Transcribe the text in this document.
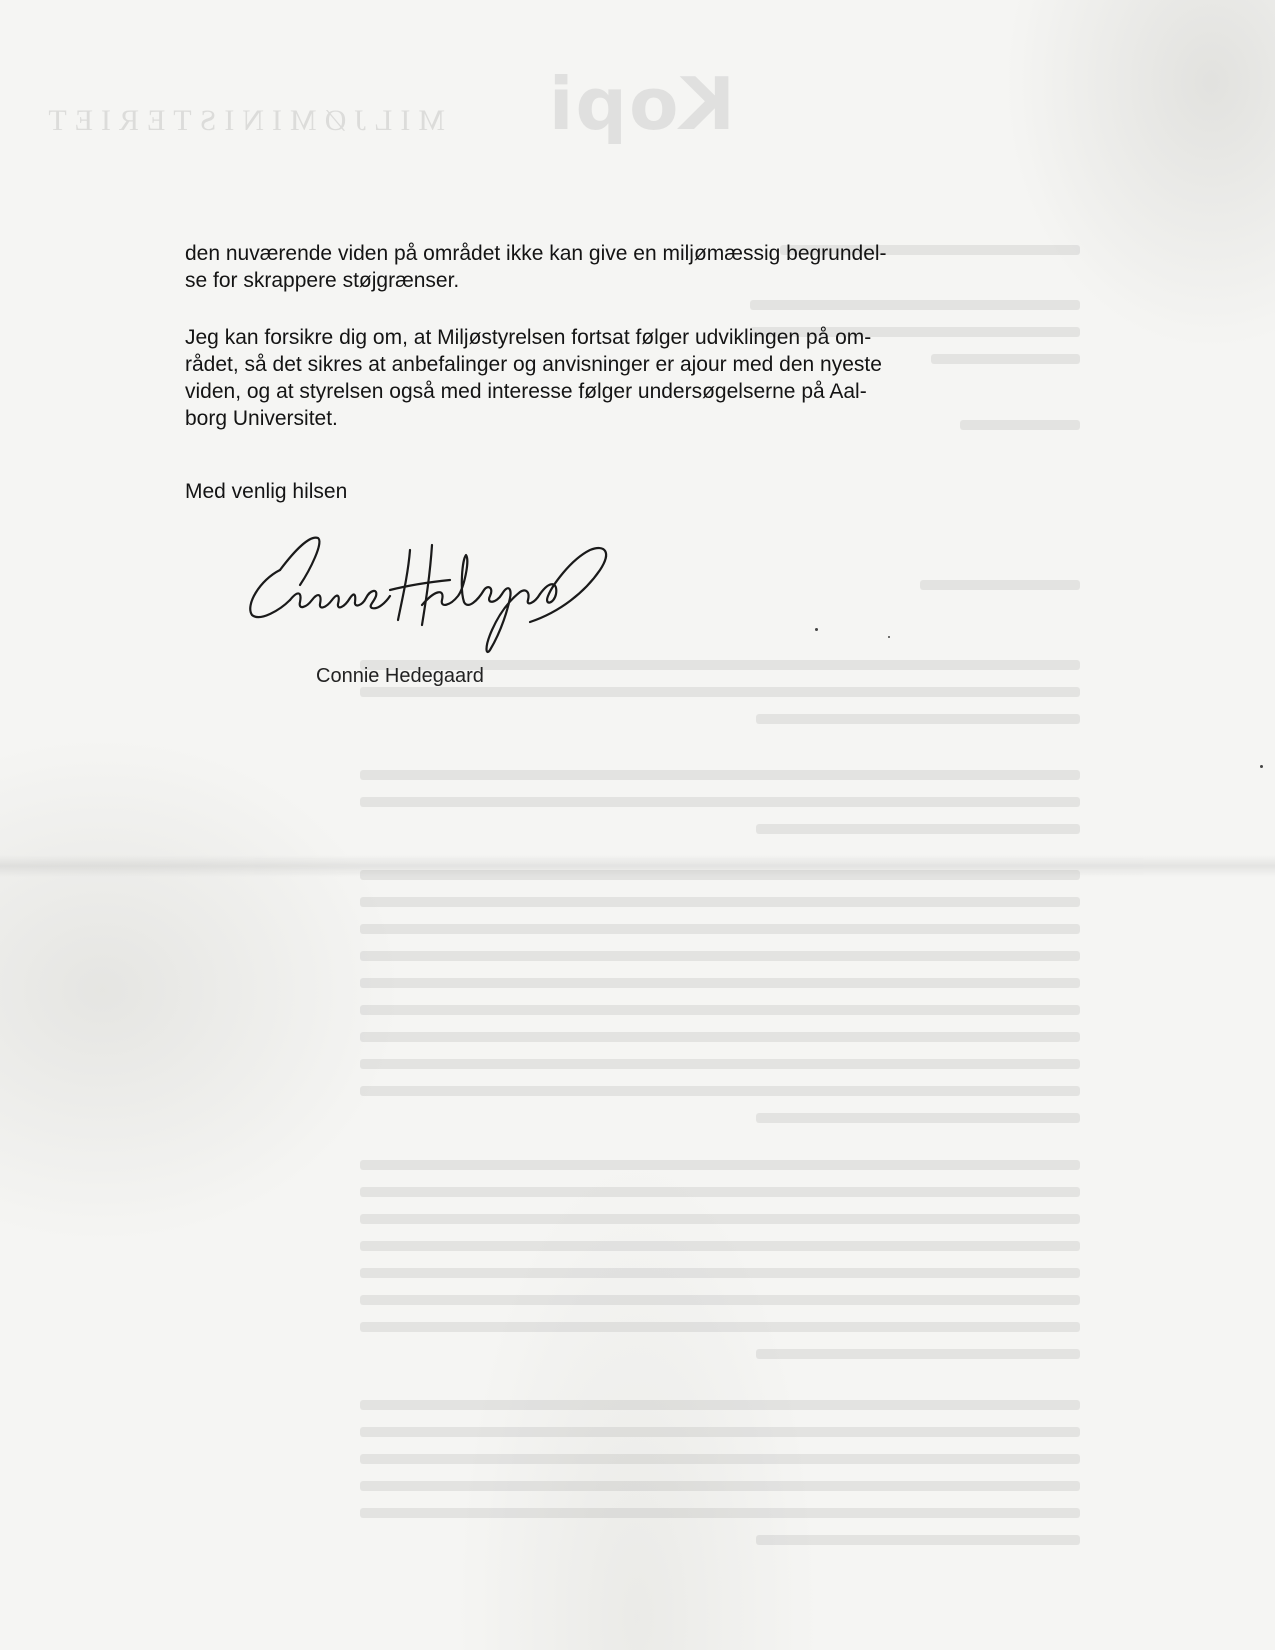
Kopi
MILJØMINISTERIET

den nuværende viden på området ikke kan give en miljømæssig begrundel-
se for skrappere støjgrænser.

Jeg kan forsikre dig om, at Miljøstyrelsen fortsat følger udviklingen på om-
rådet, så det sikres at anbefalinger og anvisninger er ajour med den nyeste
viden, og at styrelsen også med interesse følger undersøgelserne på Aal-
borg Universitet.

Med venlig hilsen

Connie Hedegaard
